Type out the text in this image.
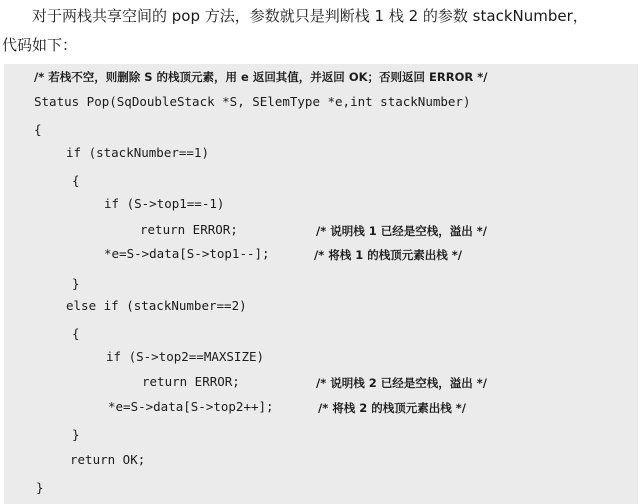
对于两栈共享空间的 pop 方法，参数就只是判断栈 1 栈 2 的参数 stackNumber，
代码如下：
/* 若栈不空，则删除 S 的栈顶元素，用 e 返回其值，并返回 OK；否则返回 ERROR */
Status Pop(SqDoubleStack *S, SElemType *e,int stackNumber)
{
if (stackNumber==1)
{
if (S->top1==-1)
return ERROR;	/* 说明栈 1 已经是空栈，溢出 */
*e=S->data[S->top1--];	/* 将栈 1 的栈顶元素出栈 */
}
else if (stackNumber==2)
{
if (S->top2==MAXSIZE)
return ERROR;	/* 说明栈 2 已经是空栈，溢出 */
*e=S->data[S->top2++];	/* 将栈 2 的栈顶元素出栈 */
}
return OK;
}
